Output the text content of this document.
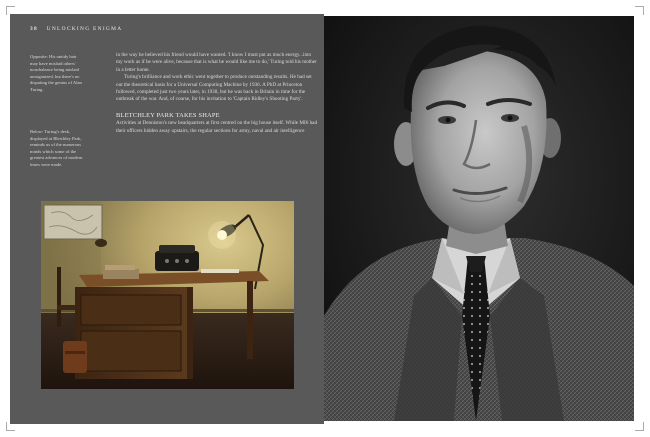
38 UNLOCKING ENIGMA
Opposite: His untidy hair may have mislaid others' nonchalance being mislaid unorganized, but there's no disputing the genius of Alan Turing.
Below: Turing's desk, displayed at Bletchley Park, reminds us of the numerous minds which some of the greatest advances of modern times were made.

in the way he believed his friend would have wanted. 'I know I must put as much energy...into my work as if he were alive, because that is what he would like me to do,' Turing told his mother in a letter home.

Turing's brilliance and work ethic went together to produce outstanding results. He had set out the theoretical basis for a Universal Computing Machine by 1936. A PhD at Princeton followed, completed just two years later, in 1938, but he was back in Britain in time for the outbreak of the war. And, of course, for his invitation to 'Captain Ridley's Shooting Party'.

BLETCHLEY PARK TAKES SHAPE

Activities at Denniston's new headquarters at first centred on the big house itself. While MI6 had their officers hidden away upstairs, the regular sections for army, naval and air intelligence
